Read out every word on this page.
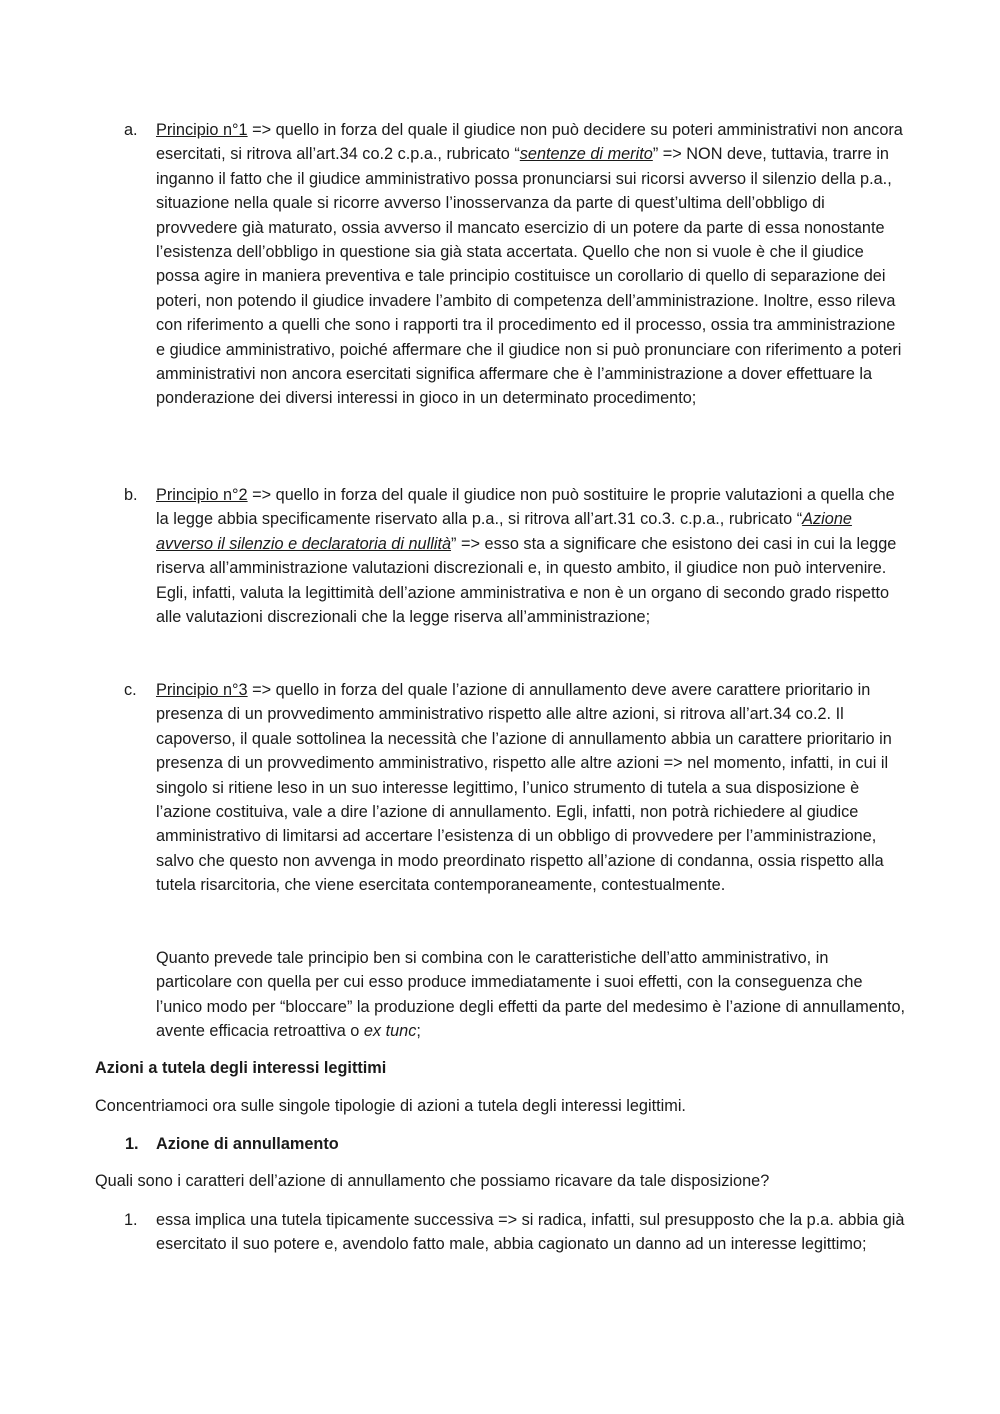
a.	Principio n°1 => quello in forza del quale il giudice non può decidere su poteri amministrativi non ancora esercitati, si ritrova all’art.34 co.2 c.p.a., rubricato “sentenze di merito” => NON deve, tuttavia, trarre in inganno il fatto che il giudice amministrativo possa pronunciarsi sui ricorsi avverso il silenzio della p.a., situazione nella quale si ricorre avverso l’inosservanza da parte di quest’ultima dell’obbligo di provvedere già maturato, ossia avverso il mancato esercizio di un potere da parte di essa nonostante l’esistenza dell’obbligo in questione sia già stata accertata. Quello che non si vuole è che il giudice possa agire in maniera preventiva e tale principio costituisce un corollario di quello di separazione dei poteri, non potendo il giudice invadere l’ambito di competenza dell’amministrazione. Inoltre, esso rileva con riferimento a quelli che sono i rapporti tra il procedimento ed il processo, ossia tra amministrazione e giudice amministrativo, poiché affermare che il giudice non si può pronunciare con riferimento a poteri amministrativi non ancora esercitati significa affermare che è l’amministrazione a dover effettuare la ponderazione dei diversi interessi in gioco in un determinato procedimento;

b.	Principio n°2 => quello in forza del quale il giudice non può sostituire le proprie valutazioni a quella che la legge abbia specificamente riservato alla p.a., si ritrova all’art.31 co.3. c.p.a., rubricato “Azione avverso il silenzio e declaratoria di nullità” => esso sta a significare che esistono dei casi in cui la legge riserva all’amministrazione valutazioni discrezionali e, in questo ambito, il giudice non può intervenire. Egli, infatti, valuta la legittimità dell’azione amministrativa e non è un organo di secondo grado rispetto alle valutazioni discrezionali che la legge riserva all’amministrazione;

c.	Principio n°3 => quello in forza del quale l’azione di annullamento deve avere carattere prioritario in presenza di un provvedimento amministrativo rispetto alle altre azioni, si ritrova all’art.34 co.2. Il capoverso, il quale sottolinea la necessità che l’azione di annullamento abbia un carattere prioritario in presenza di un provvedimento amministrativo, rispetto alle altre azioni => nel momento, infatti, in cui il singolo si ritiene leso in un suo interesse legittimo, l’unico strumento di tutela a sua disposizione è l’azione costituiva, vale a dire l’azione di annullamento. Egli, infatti, non potrà richiedere al giudice amministrativo di limitarsi ad accertare l’esistenza di un obbligo di provvedere per l’amministrazione, salvo che questo non avvenga in modo preordinato rispetto all’azione di condanna, ossia rispetto alla tutela risarcitoria, che viene esercitata contemporaneamente, contestualmente.

Quanto prevede tale principio ben si combina con le caratteristiche dell’atto amministrativo, in particolare con quella per cui esso produce immediatamente i suoi effetti, con la conseguenza che l’unico modo per “bloccare” la produzione degli effetti da parte del medesimo è l’azione di annullamento, avente efficacia retroattiva o ex tunc;

Azioni a tutela degli interessi legittimi

Concentriamoci ora sulle singole tipologie di azioni a tutela degli interessi legittimi.

1. Azione di annullamento

Quali sono i caratteri dell’azione di annullamento che possiamo ricavare da tale disposizione?

1.	essa implica una tutela tipicamente successiva => si radica, infatti, sul presupposto che la p.a. abbia già esercitato il suo potere e, avendolo fatto male, abbia cagionato un danno ad un interesse legittimo;
